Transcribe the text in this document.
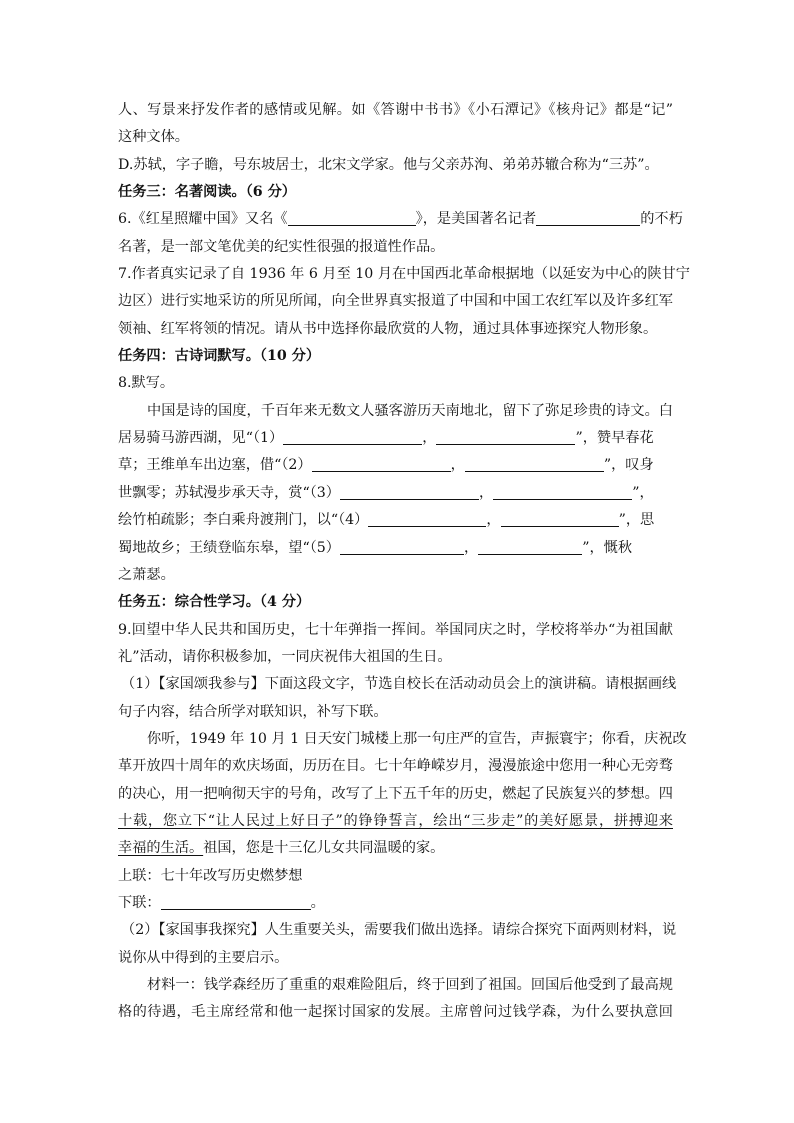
人、写景来抒发作者的感情或见解。如《答谢中书书》《小石潭记》《核舟记》都是“记”
这种文体。
D.苏轼，字子瞻，号东坡居士，北宋文学家。他与父亲苏洵、弟弟苏辙合称为“三苏”。
任务三：名著阅读。（6 分）
6.《红星照耀中国》又名《	》，是美国著名记者	的不朽
名著，是一部文笔优美的纪实性很强的报道性作品。
7.作者真实记录了自 1936 年 6 月至 10 月在中国西北革命根据地（以延安为中心的陕甘宁
边区）进行实地采访的所见所闻，向全世界真实报道了中国和中国工农红军以及许多红军
领袖、红军将领的情况。请从书中选择你最欣赏的人物，通过具体事迹探究人物形象。
任务四：古诗词默写。（10 分）
8.默写。
中国是诗的国度，千百年来无数文人骚客游历天南地北，留下了弥足珍贵的诗文。白
居易骑马游西湖，见“（1）	，	”，赞早春花
草；王维单车出边塞，借“（2）	，	”，叹身
世飘零；苏轼漫步承天寺，赏“（3）	，	”，
绘竹柏疏影；李白乘舟渡荆门，以“（4）	，	”，思
蜀地故乡；王绩登临东皋，望“（5）	，	”，慨秋
之萧瑟。
任务五：综合性学习。（4 分）
9.回望中华人民共和国历史，七十年弹指一挥间。举国同庆之时，学校将举办“为祖国献
礼”活动，请你积极参加，一同庆祝伟大祖国的生日。
（1）【家国颂我参与】下面这段文字，节选自校长在活动动员会上的演讲稿。请根据画线
句子内容，结合所学对联知识，补写下联。
你听，1949 年 10 月 1 日天安门城楼上那一句庄严的宣告，声振寰宇；你看，庆祝改
革开放四十周年的欢庆场面，历历在目。七十年峥嵘岁月，漫漫旅途中您用一种心无旁骛
的决心，用一把响彻天宇的号角，改写了上下五千年的历史，燃起了民族复兴的梦想。四
十载，您立下“让人民过上好日子”的铮铮誓言，绘出“三步走”的美好愿景，拼搏迎来
幸福的生活。祖国，您是十三亿儿女共同温暖的家。
上联：七十年改写历史燃梦想
下联：	。
（2）【家国事我探究】人生重要关头，需要我们做出选择。请综合探究下面两则材料，说
说你从中得到的主要启示。
材料一：钱学森经历了重重的艰难险阻后，终于回到了祖国。回国后他受到了最高规
格的待遇，毛主席经常和他一起探讨国家的发展。主席曾问过钱学森，为什么要执意回
